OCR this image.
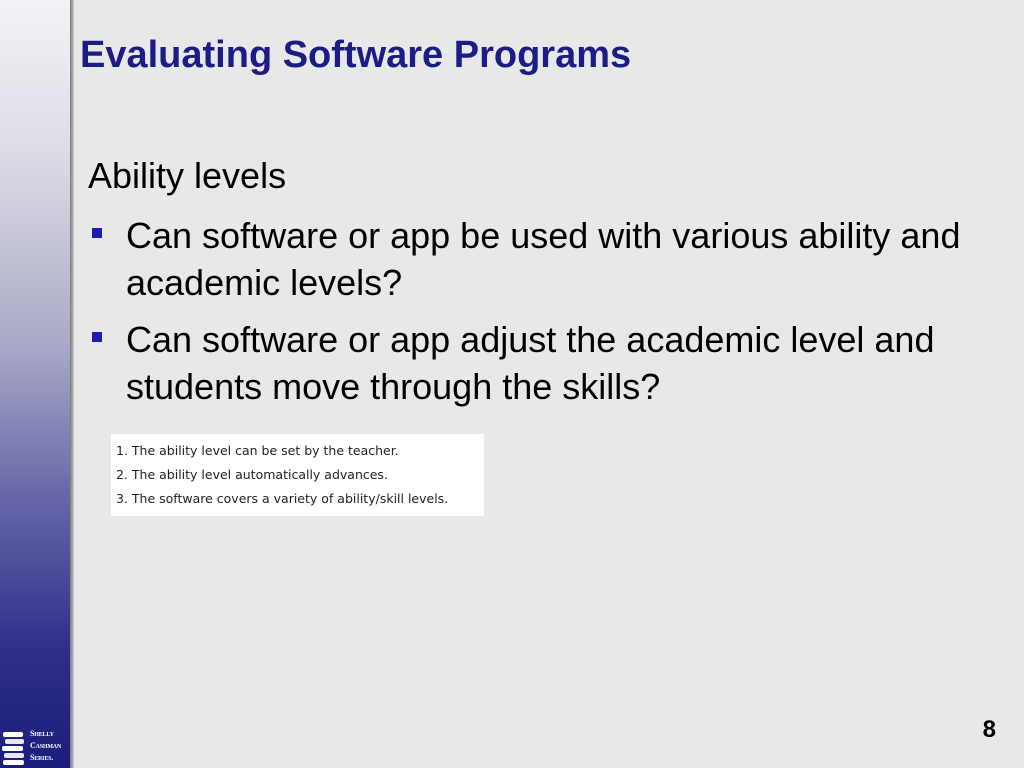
Shelly
Cashman
Series.
Evaluating Software Programs
Ability levels
Can software or app be used with various ability and academic levels?
Can software or app adjust the academic level and students move through the skills?
1. The ability level can be set by the teacher.
2. The ability level automatically advances.
3. The software covers a variety of ability/skill levels.
8
